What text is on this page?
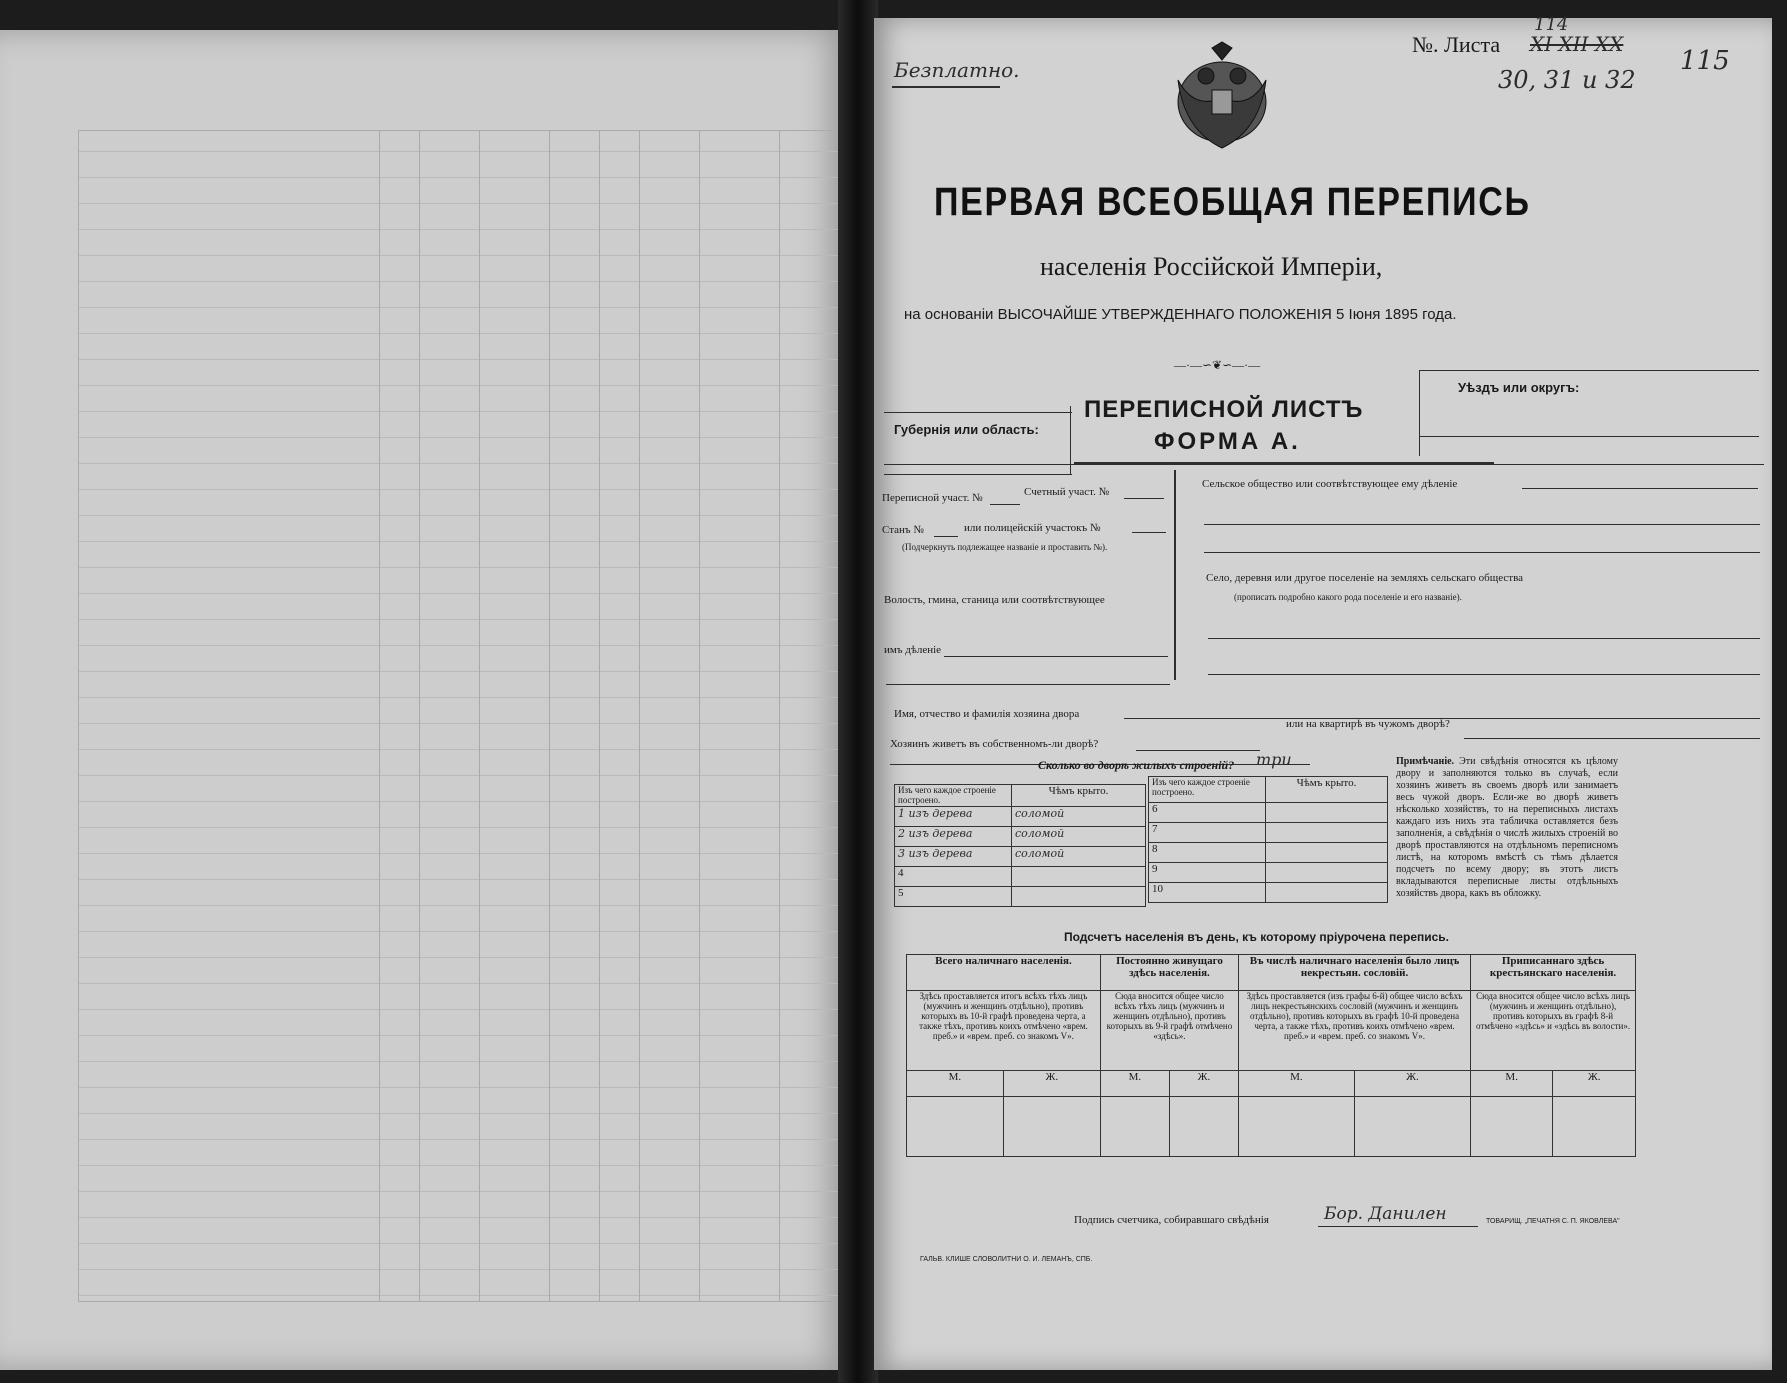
Безплатно.
№. Листа XI XII XX
114
30, 31 и 32
115
ПЕРВАЯ ВСЕОБЩАЯ ПЕРЕПИСЬ
населенія Россійской Имперіи,
на основаніи ВЫСОЧАЙШЕ УТВЕРЖДЕННАГО ПОЛОЖЕНІЯ 5 Іюня 1895 года.
—·—∽❦∽—·—
Губернія или область:
ПЕРЕПИСНОЙ ЛИСТЪ
ФОРМА А.
Уѣздъ или округъ:
Переписной участ. №	Счетный участ. №
Станъ №	или полицейскій участокъ №
(Подчеркнуть подлежащее названіе и проставить №).
Волость, гмина, станица или соотвѣтствующее
имъ дѣленіе
Сельское общество или соотвѣтствующее ему дѣленіе
Село, деревня или другое поселеніе на земляхъ сельскаго общества
(прописать подробно какого рода поселеніе и его названіе).
Имя, отчество и фамилія хозяина двора
Хозяинъ живетъ въ собственномъ-ли дворѣ?
или на квартирѣ въ чужомъ дворѣ?
Сколько во дворѣ жилыхъ строеній? три
Изъ чего каждое строеніе построено.	Чѣмъ крыто.
1 изъ дерева	соломой
2 изъ дерева	соломой
3 изъ дерева	соломой
4	
5	
Изъ чего каждое строеніе построено.	Чѣмъ крыто.
6	
7	
8	
9	
10	
Примѣчаніе. Эти свѣдѣнія относятся къ цѣлому двору и заполняются только въ случаѣ, если хозяинъ живетъ въ своемъ дворѣ или занимаетъ весь чужой дворъ. Если-же во дворѣ живетъ нѣсколько хозяйствъ, то на переписныхъ листахъ каждаго изъ нихъ эта табличка оставляется безъ заполненія, а свѣдѣнія о числѣ жилыхъ строеній во дворѣ проставляются на отдѣльномъ переписномъ листѣ, на которомъ вмѣстѣ съ тѣмъ дѣлается подсчетъ по всему двору; въ этотъ листъ вкладываются переписные листы отдѣльныхъ хозяйствъ двора, какъ въ обложку.
Подсчетъ населенія въ день, къ которому пріурочена перепись.
Всего наличнаго населенія.		Постоянно живущаго здѣсь населенія.		Въ числѣ наличнаго населенія было лицъ некрестьян. сословій.		Приписаннаго здѣсь крестьянскаго населенія.	
Здѣсь проставляется итогъ всѣхъ тѣхъ лицъ (мужчинъ и женщинъ отдѣльно), противъ которыхъ въ 10-й графѣ проведена черта, а также тѣхъ, противъ коихъ отмѣчено «врем. преб.» и «врем. преб. со знакомъ V».		Сюда вносится общее число всѣхъ тѣхъ лицъ (мужчинъ и женщинъ отдѣльно), противъ которыхъ въ 9-й графѣ отмѣчено «здѣсь».		Здѣсь проставляется (изъ графы 6-й) общее число всѣхъ лицъ некрестьянскихъ сословій (мужчинъ и женщинъ отдѣльно), противъ которыхъ въ графѣ 10-й проведена черта, а также тѣхъ, противъ коихъ отмѣчено «врем. преб.» и «врем. преб. со знакомъ V».		Сюда вносится общее число всѣхъ лицъ (мужчинъ и женщинъ отдѣльно), противъ которыхъ въ графѣ 8-й отмѣчено «здѣсь» и «здѣсь въ волости».	
М.	Ж.	М.	Ж.	М.	Ж.	М.	Ж.

Подпись счетчика, собиравшаго свѣдѣнія	Бор. Данилен	ТОВАРИЩ. „ПЕЧАТНЯ С. П. ЯКОВЛЕВА"
ГАЛЬВ. КЛИШЕ СЛОВОЛИТНИ О. И. ЛЕМАНЪ, СПБ.
